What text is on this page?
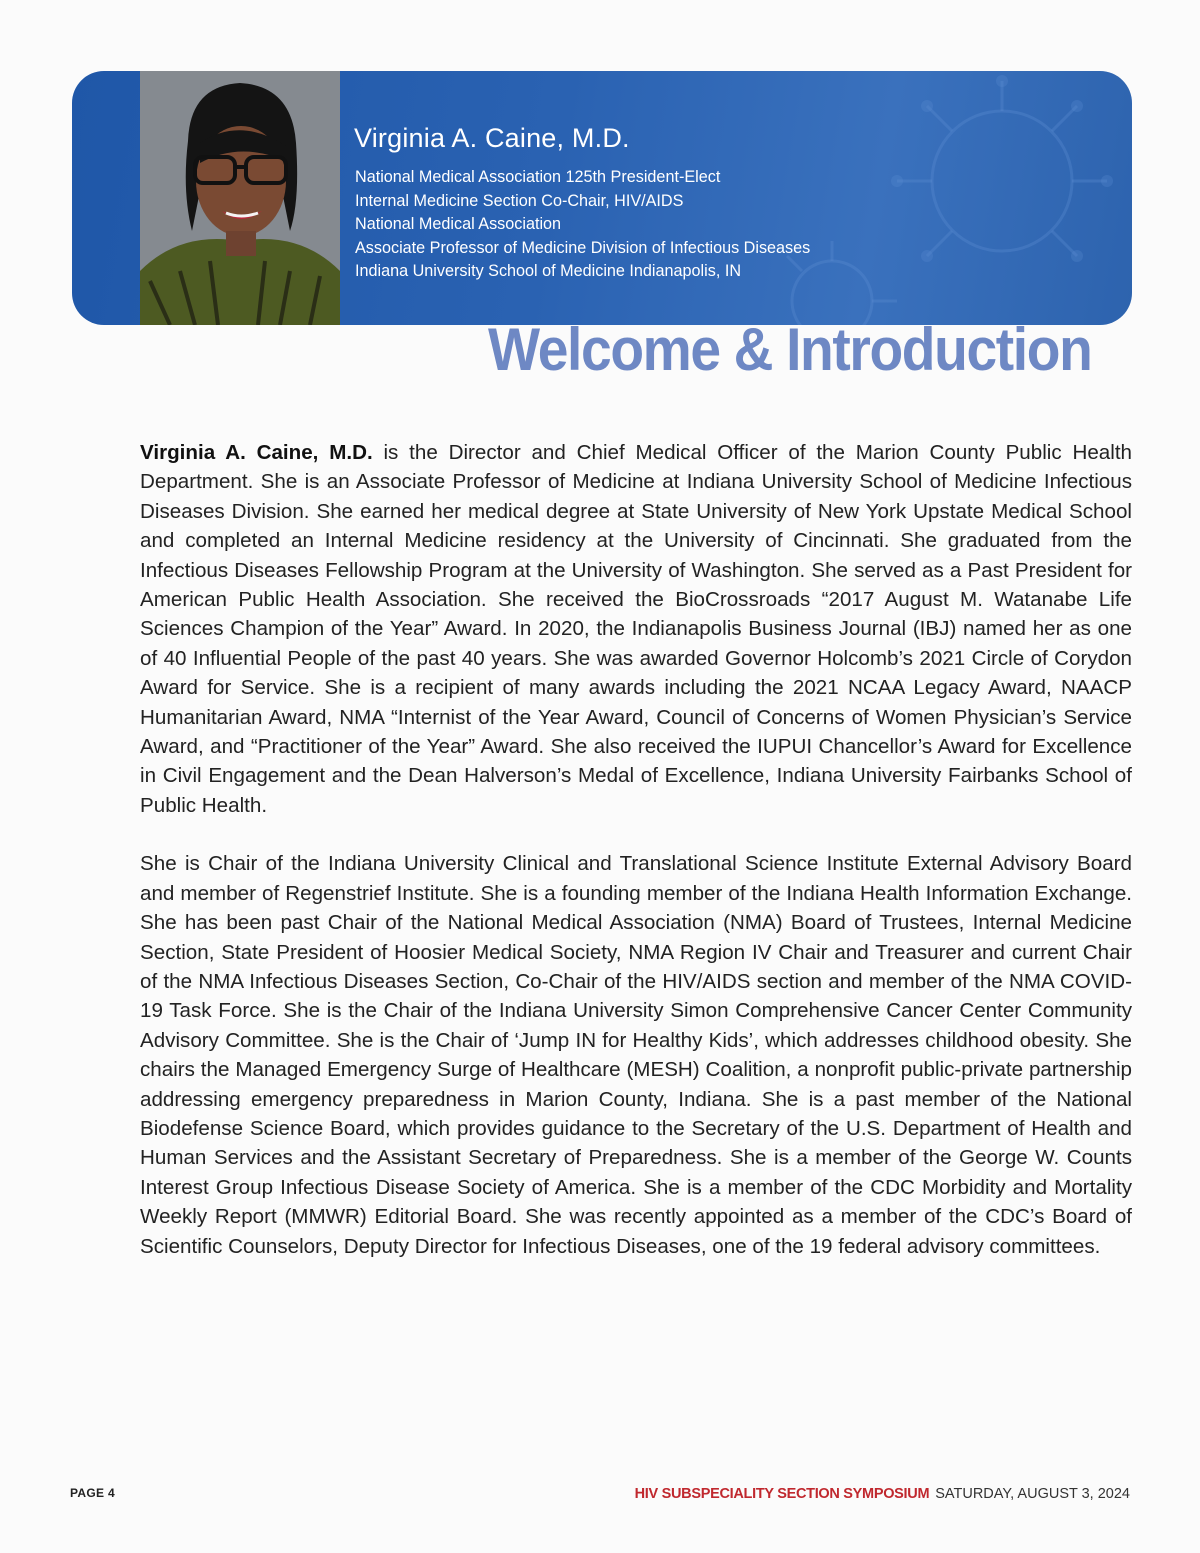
Virginia A. Caine, M.D.
National Medical Association 125th President-Elect
Internal Medicine Section Co-Chair, HIV/AIDS
National Medical Association
Associate Professor of Medicine Division of Infectious Diseases
Indiana University School of Medicine Indianapolis, IN
Welcome & Introduction

Virginia A. Caine, M.D. is the Director and Chief Medical Officer of the Marion County Public Health Department. She is an Associate Professor of Medicine at Indiana University School of Medicine Infectious Diseases Division. She earned her medical degree at State University of New York Upstate Medical School and completed an Internal Medicine residency at the University of Cincinnati. She graduated from the Infectious Diseases Fellowship Program at the University of Washington. She served as a Past President for American Public Health Association. She received the BioCrossroads “2017 August M. Watanabe Life Sciences Champion of the Year” Award. In 2020, the Indianapolis Business Journal (IBJ) named her as one of 40 Influential People of the past 40 years. She was awarded Governor Holcomb’s 2021 Circle of Corydon Award for Service. She is a recipient of many awards including the 2021 NCAA Legacy Award, NAACP Humanitarian Award, NMA “Internist of the Year Award, Council of Concerns of Women Physician’s Service Award, and “Practitioner of the Year” Award. She also received the IUPUI Chancellor’s Award for Excellence in Civil Engagement and the Dean Halverson’s Medal of Excellence, Indiana University Fairbanks School of Public Health.

She is Chair of the Indiana University Clinical and Translational Science Institute External Advisory Board and member of Regenstrief Institute. She is a founding member of the Indiana Health Information Exchange. She has been past Chair of the National Medical Association (NMA) Board of Trustees, Internal Medicine Section, State President of Hoosier Medical Society, NMA Region IV Chair and Treasurer and current Chair of the NMA Infectious Diseases Section, Co-Chair of the HIV/AIDS section and member of the NMA COVID-19 Task Force. She is the Chair of the Indiana University Simon Comprehensive Cancer Center Community Advisory Committee. She is the Chair of ‘Jump IN for Healthy Kids’, which addresses childhood obesity. She chairs the Managed Emergency Surge of Healthcare (MESH) Coalition, a nonprofit public-private partnership addressing emergency preparedness in Marion County, Indiana. She is a past member of the National Biodefense Science Board, which provides guidance to the Secretary of the U.S. Department of Health and Human Services and the Assistant Secretary of Preparedness. She is a member of the George W. Counts Interest Group Infectious Disease Society of America. She is a member of the CDC Morbidity and Mortality Weekly Report (MMWR) Editorial Board. She was recently appointed as a member of the CDC’s Board of Scientific Counselors, Deputy Director for Infectious Diseases, one of the 19 federal advisory committees.

PAGE 4	HIV SUBSPECIALITY SECTION SYMPOSIUM SATURDAY, AUGUST 3, 2024
